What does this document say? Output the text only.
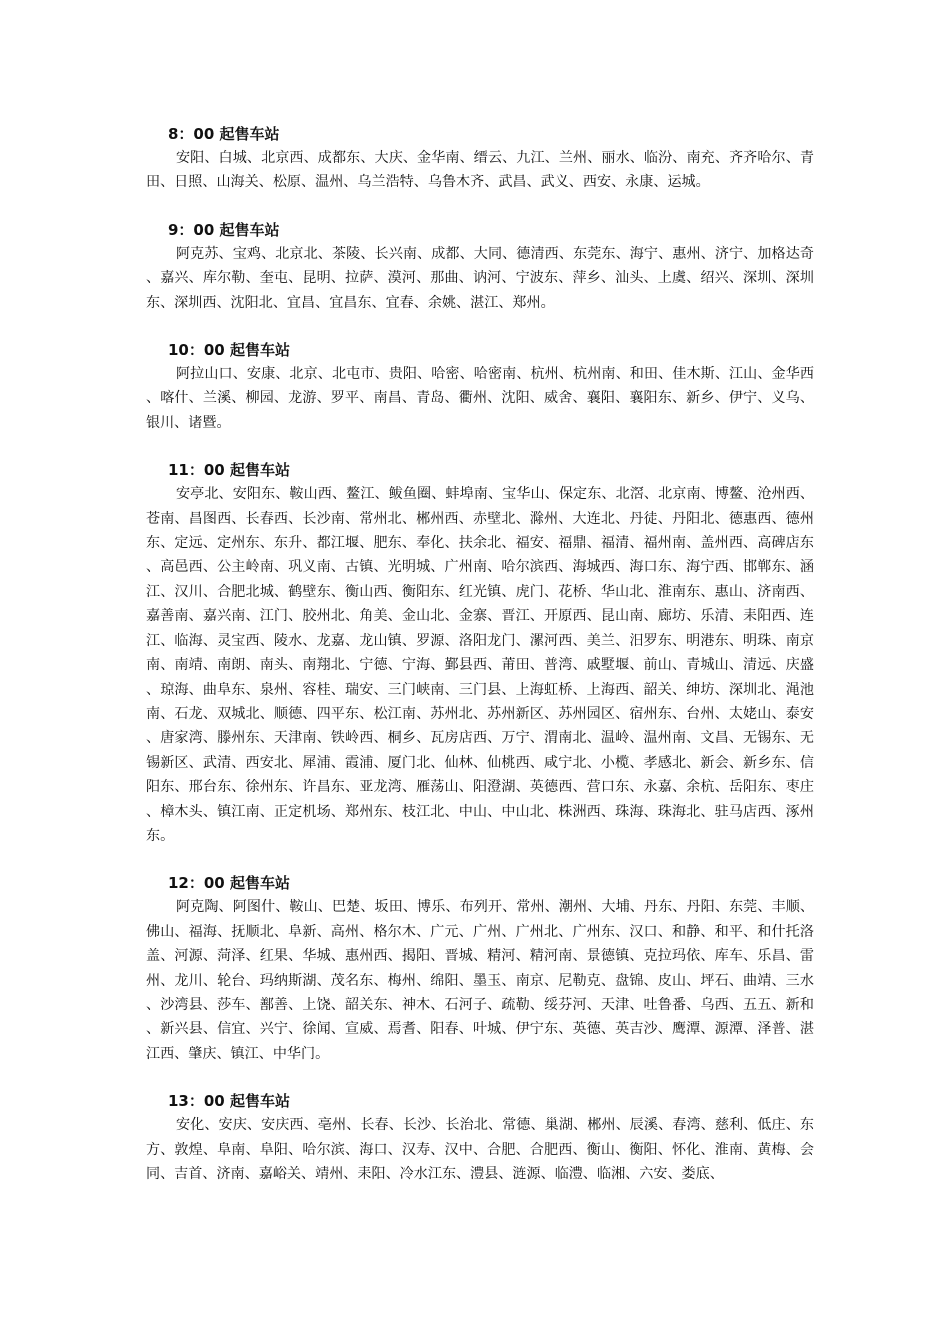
8：00 起售车站

安阳、白城、北京西、成都东、大庆、金华南、缙云、九江、兰州、丽水、临汾、南充、齐齐哈尔、青田、日照、山海关、松原、温州、乌兰浩特、乌鲁木齐、武昌、武义、西安、永康、运城。

9：00 起售车站

阿克苏、宝鸡、北京北、茶陵、长兴南、成都、大同、德清西、东莞东、海宁、惠州、济宁、加格达奇、嘉兴、库尔勒、奎屯、昆明、拉萨、漠河、那曲、讷河、宁波东、萍乡、汕头、上虞、绍兴、深圳、深圳东、深圳西、沈阳北、宜昌、宜昌东、宜春、余姚、湛江、郑州。

10：00 起售车站

阿拉山口、安康、北京、北屯市、贵阳、哈密、哈密南、杭州、杭州南、和田、佳木斯、江山、金华西、喀什、兰溪、柳园、龙游、罗平、南昌、青岛、衢州、沈阳、威舍、襄阳、襄阳东、新乡、伊宁、义乌、银川、诸暨。

11：00 起售车站

安亭北、安阳东、鞍山西、鳌江、鲅鱼圈、蚌埠南、宝华山、保定东、北滘、北京南、博鳌、沧州西、苍南、昌图西、长春西、长沙南、常州北、郴州西、赤壁北、滁州、大连北、丹徒、丹阳北、德惠西、德州东、定远、定州东、东升、都江堰、肥东、奉化、扶余北、福安、福鼎、福清、福州南、盖州西、高碑店东、高邑西、公主岭南、巩义南、古镇、光明城、广州南、哈尔滨西、海城西、海口东、海宁西、邯郸东、涵江、汉川、合肥北城、鹤壁东、衡山西、衡阳东、红光镇、虎门、花桥、华山北、淮南东、惠山、济南西、嘉善南、嘉兴南、江门、胶州北、角美、金山北、金寨、晋江、开原西、昆山南、廊坊、乐清、耒阳西、连江、临海、灵宝西、陵水、龙嘉、龙山镇、罗源、洛阳龙门、漯河西、美兰、汨罗东、明港东、明珠、南京南、南靖、南朗、南头、南翔北、宁德、宁海、鄞县西、莆田、普湾、戚墅堰、前山、青城山、清远、庆盛、琼海、曲阜东、泉州、容桂、瑞安、三门峡南、三门县、上海虹桥、上海西、韶关、绅坊、深圳北、渑池南、石龙、双城北、顺德、四平东、松江南、苏州北、苏州新区、苏州园区、宿州东、台州、太姥山、泰安、唐家湾、滕州东、天津南、铁岭西、桐乡、瓦房店西、万宁、渭南北、温岭、温州南、文昌、无锡东、无锡新区、武清、西安北、犀浦、霞浦、厦门北、仙林、仙桃西、咸宁北、小榄、孝感北、新会、新乡东、信阳东、邢台东、徐州东、许昌东、亚龙湾、雁荡山、阳澄湖、英德西、营口东、永嘉、余杭、岳阳东、枣庄、樟木头、镇江南、正定机场、郑州东、枝江北、中山、中山北、株洲西、珠海、珠海北、驻马店西、涿州东。

12：00 起售车站

阿克陶、阿图什、鞍山、巴楚、坂田、博乐、布列开、常州、潮州、大埔、丹东、丹阳、东莞、丰顺、佛山、福海、抚顺北、阜新、高州、格尔木、广元、广州、广州北、广州东、汉口、和静、和平、和什托洛盖、河源、菏泽、红果、华城、惠州西、揭阳、晋城、精河、精河南、景德镇、克拉玛依、库车、乐昌、雷州、龙川、轮台、玛纳斯湖、茂名东、梅州、绵阳、墨玉、南京、尼勒克、盘锦、皮山、坪石、曲靖、三水、沙湾县、莎车、鄯善、上饶、韶关东、神木、石河子、疏勒、绥芬河、天津、吐鲁番、乌西、五五、新和、新兴县、信宜、兴宁、徐闻、宣威、焉耆、阳春、叶城、伊宁东、英德、英吉沙、鹰潭、源潭、泽普、湛江西、肇庆、镇江、中华门。

13：00 起售车站

安化、安庆、安庆西、亳州、长春、长沙、长治北、常德、巢湖、郴州、辰溪、春湾、慈利、低庄、东方、敦煌、阜南、阜阳、哈尔滨、海口、汉寿、汉中、合肥、合肥西、衡山、衡阳、怀化、淮南、黄梅、会同、吉首、济南、嘉峪关、靖州、耒阳、冷水江东、澧县、涟源、临澧、临湘、六安、娄底、
